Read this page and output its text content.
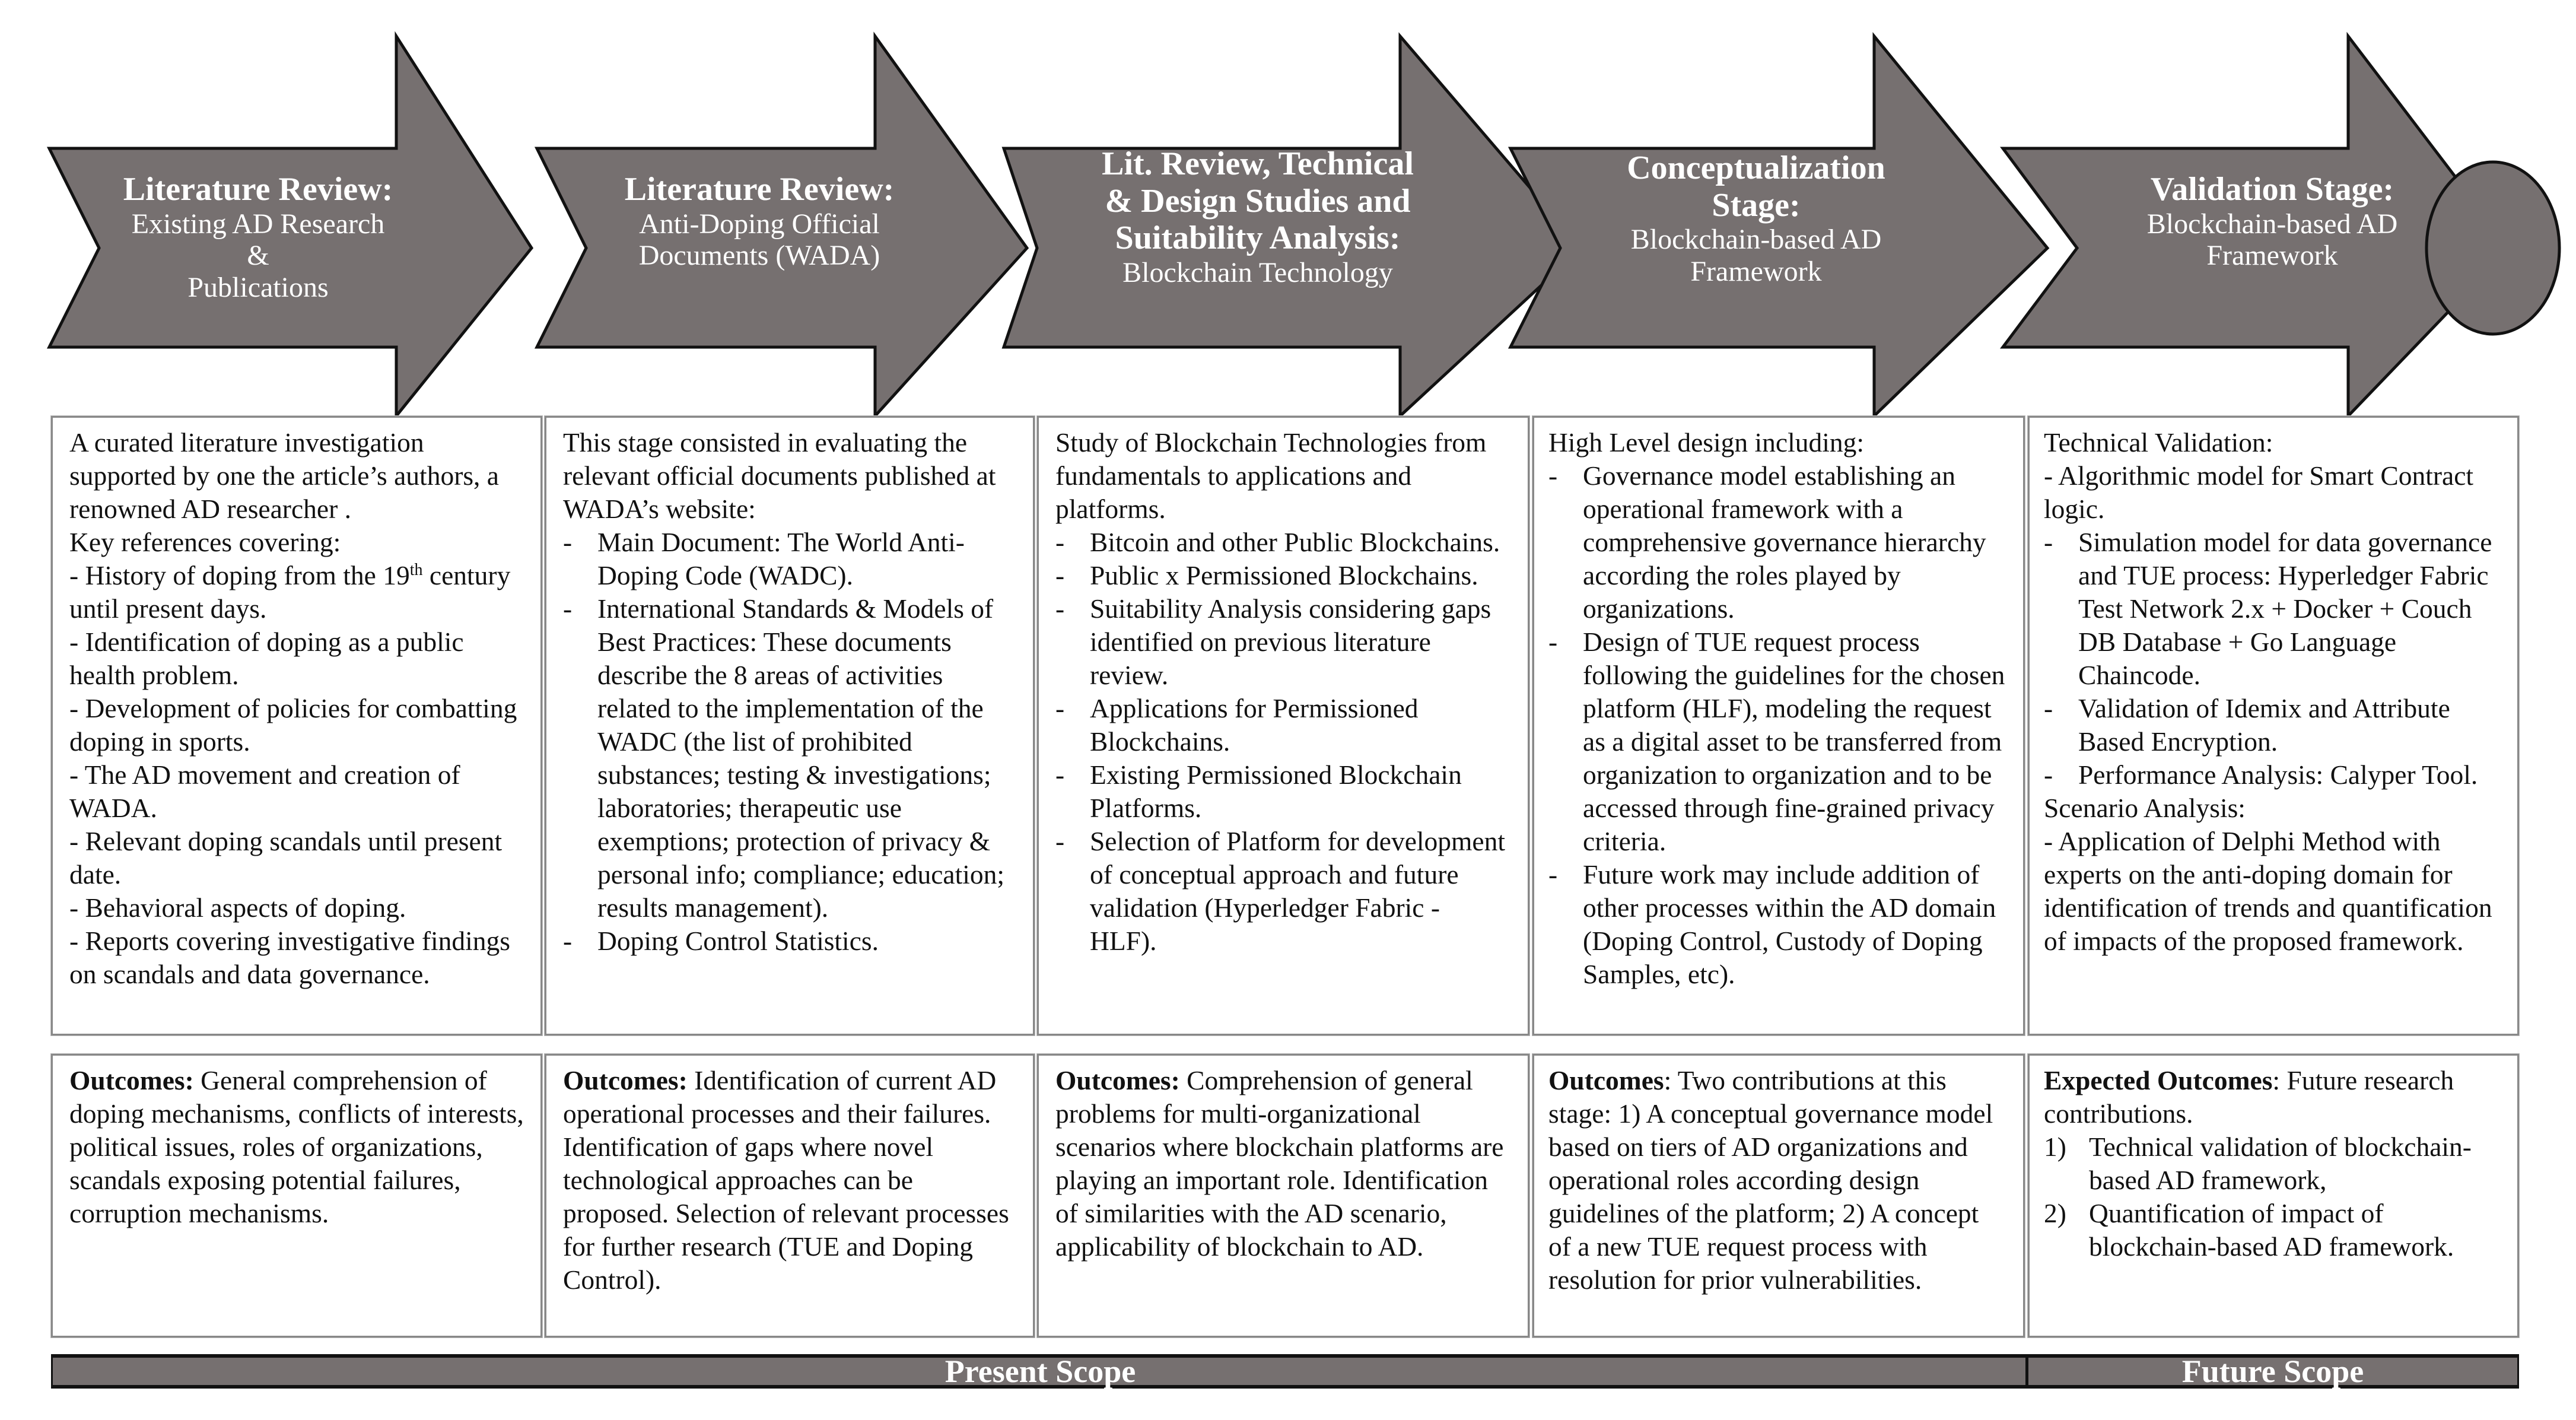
Literature Review:
Existing AD Research &
Publications
Literature Review:
Anti-Doping Official
Documents (WADA)
Lit. Review, Technical
& Design Studies and
Suitability Analysis:
Blockchain Technology
Conceptualization
Stage:
Blockchain-based AD
Framework
Validation Stage:
Blockchain-based AD
Framework

A curated literature investigation supported by one the article’s authors, a renowned AD researcher .

Key references covering:

- History of doping from the 19th century until present days.

- Identification of doping as a public health problem.

- Development of policies for combatting doping in sports.

- The AD movement and creation of WADA.

- Relevant doping scandals until present date.

- Behavioral aspects of doping.

- Reports covering investigative findings on scandals and data governance.

This stage consisted in evaluating the relevant official documents published at WADA’s website:

- Main Document: The World Anti-Doping Code (WADC).
- International Standards & Models of Best Practices: These documents describe the 8 areas of activities related to the implementation of the WADC (the list of prohibited substances; testing & investigations; laboratories; therapeutic use exemptions; protection of privacy & personal info; compliance; education; results management).
- Doping Control Statistics.

Study of Blockchain Technologies from fundamentals to applications and platforms.

- Bitcoin and other Public Blockchains.
- Public x Permissioned Blockchains.
- Suitability Analysis considering gaps identified on previous literature review.
- Applications for Permissioned Blockchains.
- Existing Permissioned Blockchain Platforms.
- Selection of Platform for development of conceptual approach and future validation (Hyperledger Fabric - HLF).

High Level design including:

- Governance model establishing an operational framework with a comprehensive governance hierarchy according the roles played by organizations.
- Design of TUE request process following the guidelines for the chosen platform (HLF), modeling the request as a digital asset to be transferred from organization to organization and to be accessed through fine-grained privacy criteria.
- Future work may include addition of other processes within the AD domain (Doping Control, Custody of Doping Samples, etc).

Technical Validation:

- Algorithmic model for Smart Contract logic.

- Simulation model for data governance and TUE process: Hyperledger Fabric Test Network 2.x + Docker + Couch DB Database + Go Language Chaincode.
- Validation of Idemix and Attribute Based Encryption.
- Performance Analysis: Calyper Tool.

Scenario Analysis:

- Application of Delphi Method with experts on the anti-doping domain for identification of trends and quantification of impacts of the proposed framework.

Outcomes: General comprehension of doping mechanisms, conflicts of interests, political issues, roles of organizations, scandals exposing potential failures, corruption mechanisms.

Outcomes: Identification of current AD operational processes and their failures. Identification of gaps where novel technological approaches can be proposed. Selection of relevant processes for further research (TUE and Doping Control).

Outcomes: Comprehension of general problems for multi-organizational scenarios where blockchain platforms are playing an important role. Identification of similarities with the AD scenario, applicability of blockchain to AD.

Outcomes: Two contributions at this stage: 1) A conceptual governance model based on tiers of AD organizations and operational roles according design guidelines of the platform; 2) A concept of a new TUE request process with resolution for prior vulnerabilities.

Expected Outcomes: Future research contributions.

1) Technical validation of blockchain-based AD framework,
2) Quantification of impact of blockchain-based AD framework.
Present Scope	Future Scope
